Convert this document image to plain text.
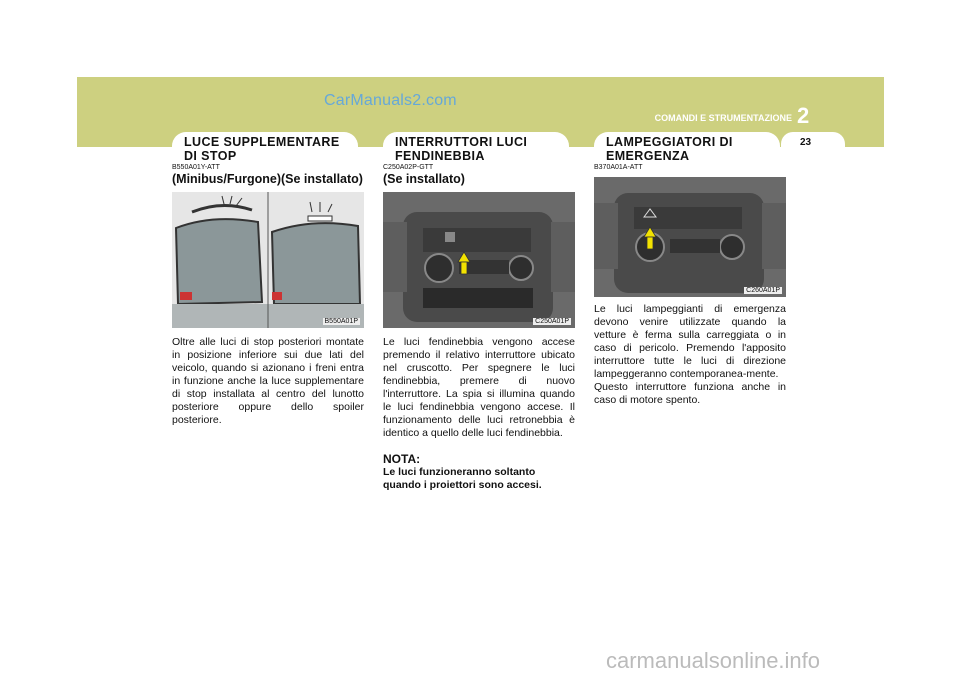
CarManuals2.com
COMANDI E STRUMENTAZIONE 2
23
LUCE SUPPLEMENTARE DI STOP
B550A01Y-ATT
(Minibus/Furgone)(Se installato)
B550A01P
Oltre alle luci di stop posteriori montate in posizione inferiore sui due lati del veicolo, quando si azionano i freni entra in funzione anche la luce supplementare di stop installata al centro del lunotto posteriore oppure dello spoiler posteriore.
INTERRUTTORI LUCI FENDINEBBIA
C250A02P-GTT
(Se installato)
C250A01P
Le luci fendinebbia vengono accese premendo il relativo interruttore ubicato nel cruscotto. Per spegnere le luci fendinebbia, premere di nuovo l'interruttore. La spia si illumina quando le luci fendinebbia vengono accese. Il funzionamento delle luci retronebbia è identico a quello delle luci fendinebbia.
NOTA:
Le luci funzioneranno soltanto quando i proiettori sono accesi.
LAMPEGGIATORI DI EMERGENZA
B370A01A-ATT
C260A01P
Le luci lampeggianti di emergenza devono venire utilizzate quando la vetture è ferma sulla carreggiata o in caso di pericolo. Premendo l'apposito interruttore tutte le luci di direzione lampeggeranno contemporanea-mente.
Questo interruttore funziona anche in caso di motore spento.
carmanualsonline.info
